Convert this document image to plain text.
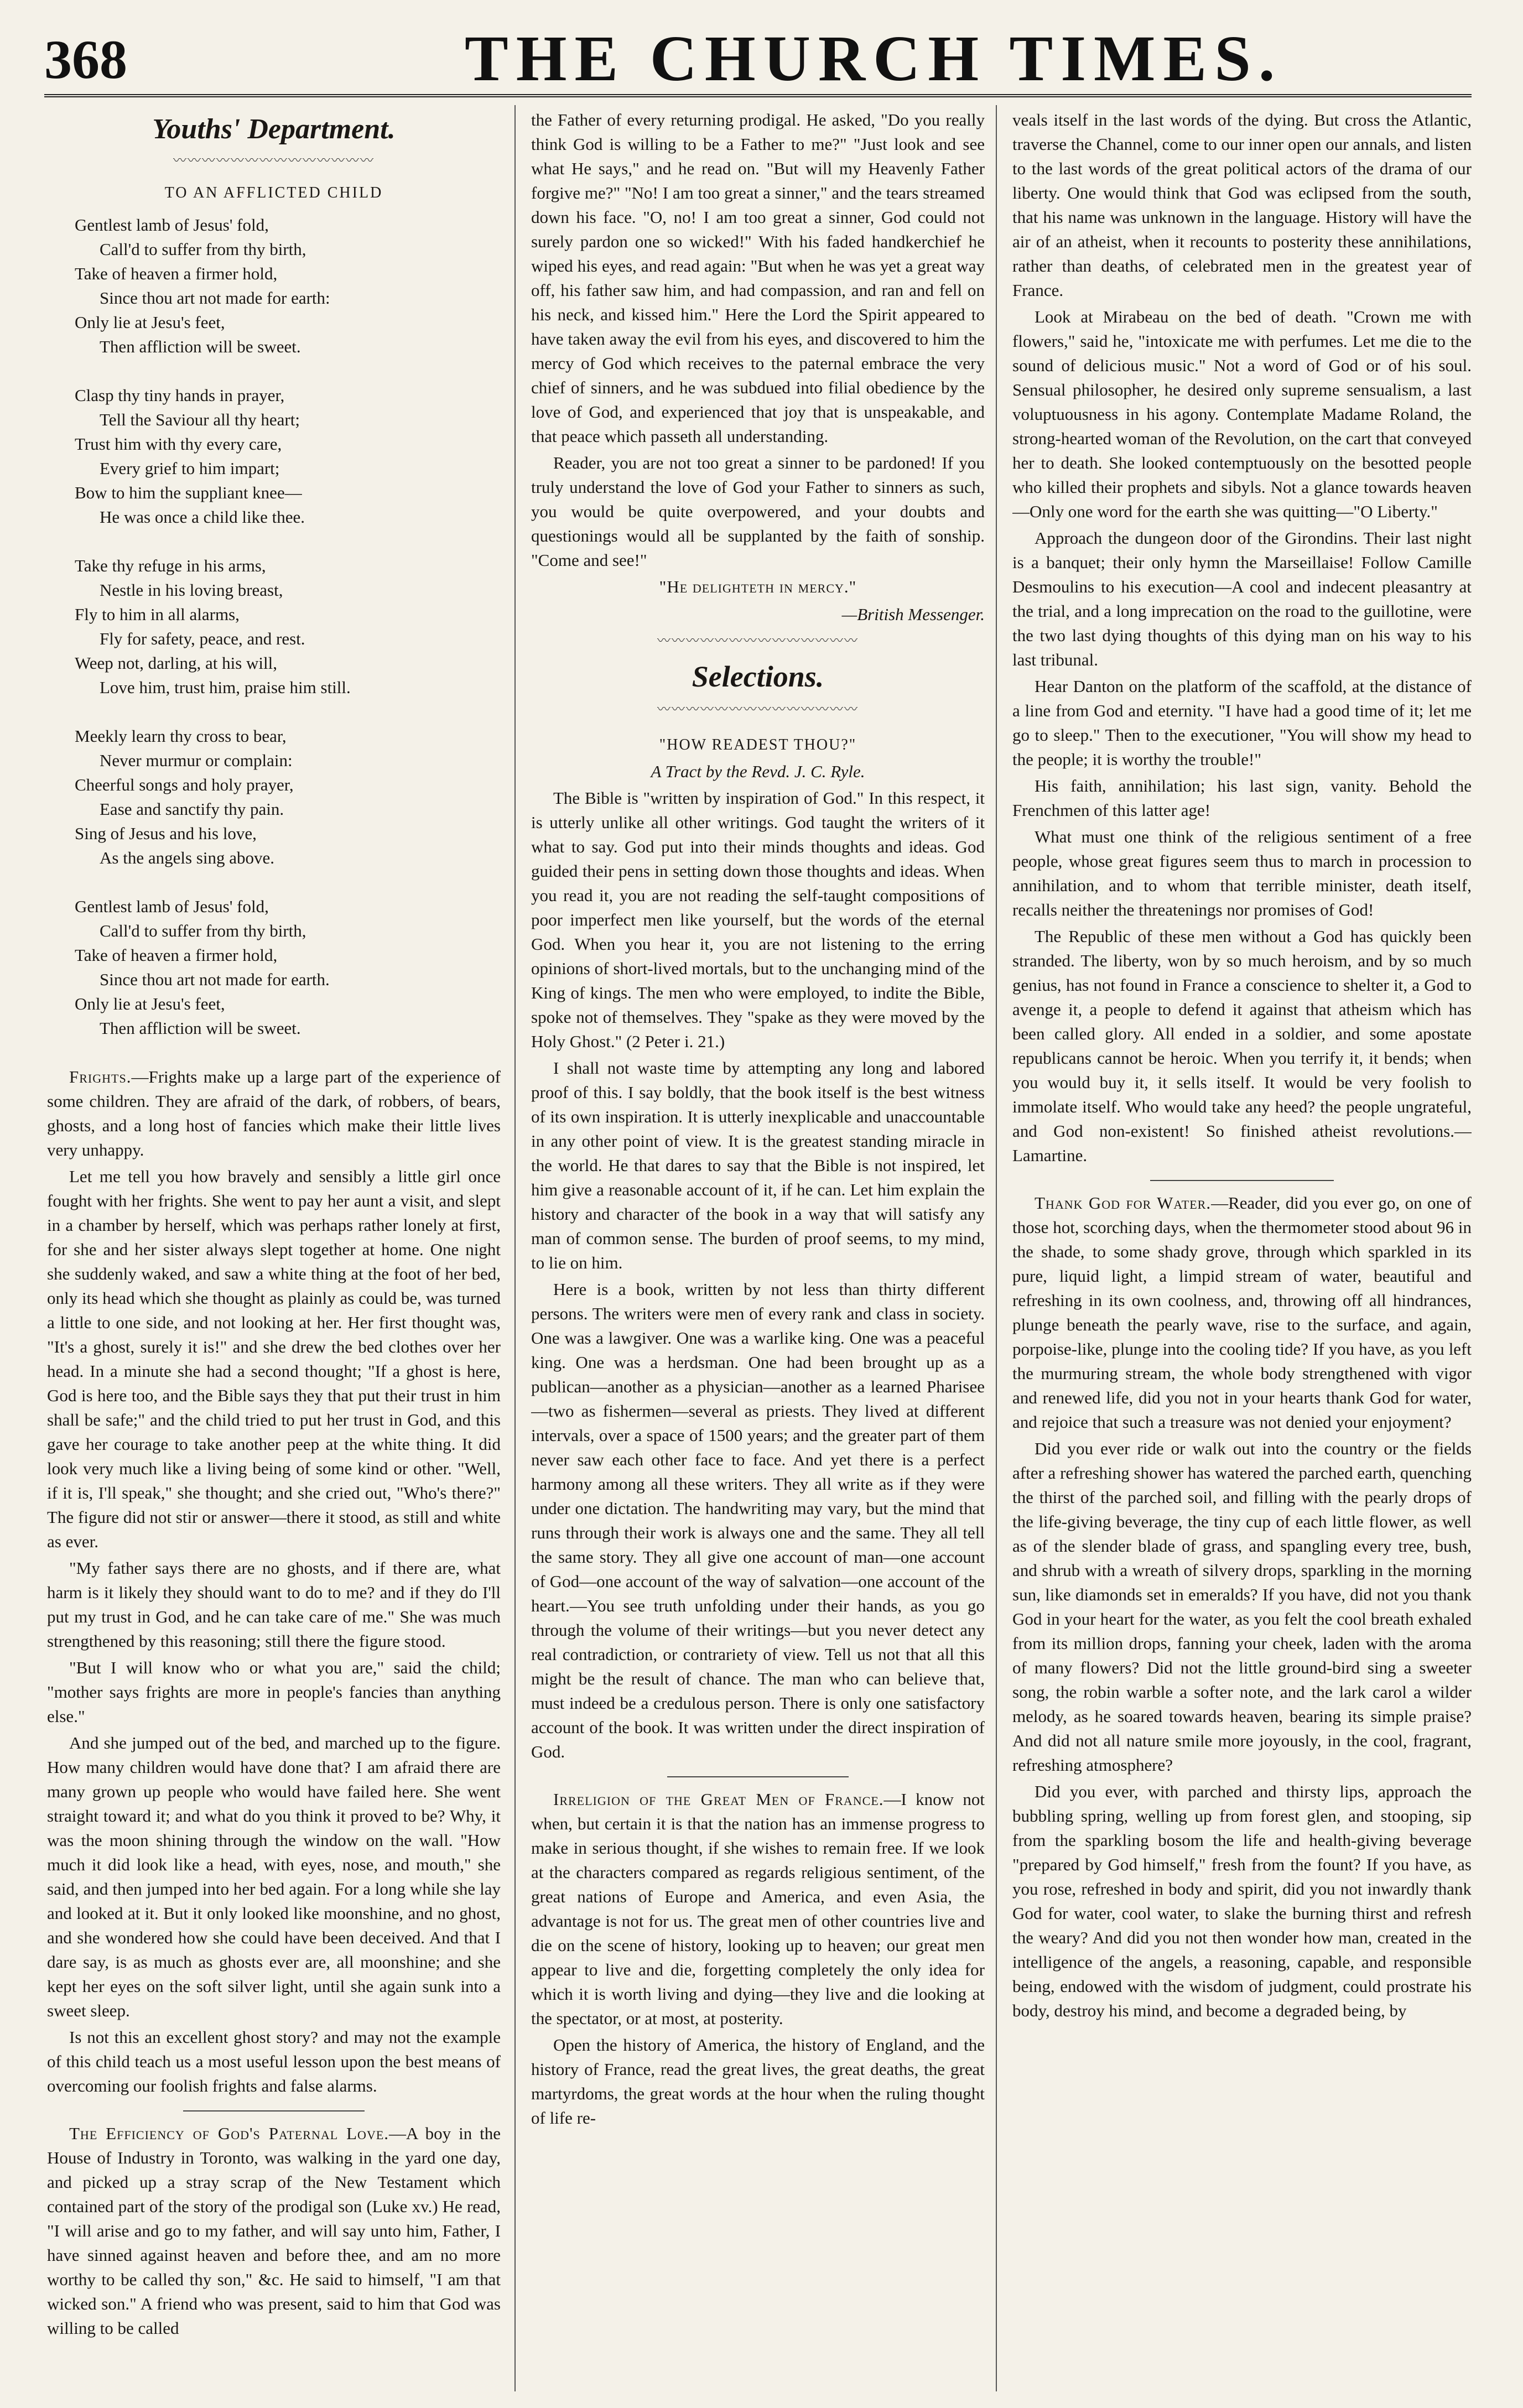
368	THE CHURCH TIMES.
Youths' Department.
〰〰〰〰〰〰〰〰〰〰〰〰〰〰
TO AN AFFLICTED CHILD
Gentlest lamb of Jesus' fold,
Call'd to suffer from thy birth,
Take of heaven a firmer hold,
Since thou art not made for earth:
Only lie at Jesu's feet,
Then affliction will be sweet.
Clasp thy tiny hands in prayer,
Tell the Saviour all thy heart;
Trust him with thy every care,
Every grief to him impart;
Bow to him the suppliant knee—
He was once a child like thee.
Take thy refuge in his arms,
Nestle in his loving breast,
Fly to him in all alarms,
Fly for safety, peace, and rest.
Weep not, darling, at his will,
Love him, trust him, praise him still.
Meekly learn thy cross to bear,
Never murmur or complain:
Cheerful songs and holy prayer,
Ease and sanctify thy pain.
Sing of Jesus and his love,
As the angels sing above.
Gentlest lamb of Jesus' fold,
Call'd to suffer from thy birth,
Take of heaven a firmer hold,
Since thou art not made for earth.
Only lie at Jesu's feet,
Then affliction will be sweet.

Frights.—Frights make up a large part of the experience of some children. They are afraid of the dark, of robbers, of bears, ghosts, and a long host of fancies which make their little lives very unhappy.

Let me tell you how bravely and sensibly a little girl once fought with her frights. She went to pay her aunt a visit, and slept in a chamber by herself, which was perhaps rather lonely at first, for she and her sister always slept together at home. One night she suddenly waked, and saw a white thing at the foot of her bed, only its head which she thought as plainly as could be, was turned a little to one side, and not looking at her. Her first thought was, "It's a ghost, surely it is!" and she drew the bed clothes over her head. In a minute she had a second thought; "If a ghost is here, God is here too, and the Bible says they that put their trust in him shall be safe;" and the child tried to put her trust in God, and this gave her courage to take another peep at the white thing. It did look very much like a living being of some kind or other. "Well, if it is, I'll speak," she thought; and she cried out, "Who's there?" The figure did not stir or answer—there it stood, as still and white as ever.

"My father says there are no ghosts, and if there are, what harm is it likely they should want to do to me? and if they do I'll put my trust in God, and he can take care of me." She was much strengthened by this reasoning; still there the figure stood.

"But I will know who or what you are," said the child; "mother says frights are more in people's fancies than anything else."

And she jumped out of the bed, and marched up to the figure. How many children would have done that? I am afraid there are many grown up people who would have failed here. She went straight toward it; and what do you think it proved to be? Why, it was the moon shining through the window on the wall. "How much it did look like a head, with eyes, nose, and mouth," she said, and then jumped into her bed again. For a long while she lay and looked at it. But it only looked like moonshine, and no ghost, and she wondered how she could have been deceived. And that I dare say, is as much as ghosts ever are, all moonshine; and she kept her eyes on the soft silver light, until she again sunk into a sweet sleep.

Is not this an excellent ghost story? and may not the example of this child teach us a most useful lesson upon the best means of overcoming our foolish frights and false alarms.

The Efficiency of God's Paternal Love.—A boy in the House of Industry in Toronto, was walking in the yard one day, and picked up a stray scrap of the New Testament which contained part of the story of the prodigal son (Luke xv.) He read, "I will arise and go to my father, and will say unto him, Father, I have sinned against heaven and before thee, and am no more worthy to be called thy son," &c. He said to himself, "I am that wicked son." A friend who was present, said to him that God was willing to be called

the Father of every returning prodigal. He asked, "Do you really think God is willing to be a Father to me?" "Just look and see what He says," and he read on. "But will my Heavenly Father forgive me?" "No! I am too great a sinner," and the tears streamed down his face. "O, no! I am too great a sinner, God could not surely pardon one so wicked!" With his faded handkerchief he wiped his eyes, and read again: "But when he was yet a great way off, his father saw him, and had compassion, and ran and fell on his neck, and kissed him." Here the Lord the Spirit appeared to have taken away the evil from his eyes, and discovered to him the mercy of God which receives to the paternal embrace the very chief of sinners, and he was subdued into filial obedience by the love of God, and experienced that joy that is unspeakable, and that peace which passeth all understanding.

Reader, you are not too great a sinner to be pardoned! If you truly understand the love of God your Father to sinners as such, you would be quite overpowered, and your doubts and questionings would all be supplanted by the faith of sonship. "Come and see!"

"He delighteth in mercy."

—British Messenger.

〰〰〰〰〰〰〰〰〰〰〰〰〰〰
Selections.
〰〰〰〰〰〰〰〰〰〰〰〰〰〰

"HOW READEST THOU?"

A Tract by the Revd. J. C. Ryle.

The Bible is "written by inspiration of God." In this respect, it is utterly unlike all other writings. God taught the writers of it what to say. God put into their minds thoughts and ideas. God guided their pens in setting down those thoughts and ideas. When you read it, you are not reading the self-taught compositions of poor imperfect men like yourself, but the words of the eternal God. When you hear it, you are not listening to the erring opinions of short-lived mortals, but to the unchanging mind of the King of kings. The men who were employed, to indite the Bible, spoke not of themselves. They "spake as they were moved by the Holy Ghost." (2 Peter i. 21.)

I shall not waste time by attempting any long and labored proof of this. I say boldly, that the book itself is the best witness of its own inspiration. It is utterly inexplicable and unaccountable in any other point of view. It is the greatest standing miracle in the world. He that dares to say that the Bible is not inspired, let him give a reasonable account of it, if he can. Let him explain the history and character of the book in a way that will satisfy any man of common sense. The burden of proof seems, to my mind, to lie on him.

Here is a book, written by not less than thirty different persons. The writers were men of every rank and class in society. One was a lawgiver. One was a warlike king. One was a peaceful king. One was a herdsman. One had been brought up as a publican—another as a physician—another as a learned Pharisee—two as fishermen—several as priests. They lived at different intervals, over a space of 1500 years; and the greater part of them never saw each other face to face. And yet there is a perfect harmony among all these writers. They all write as if they were under one dictation. The handwriting may vary, but the mind that runs through their work is always one and the same. They all tell the same story. They all give one account of man—one account of God—one account of the way of salvation—one account of the heart.—You see truth unfolding under their hands, as you go through the volume of their writings—but you never detect any real contradiction, or contrariety of view. Tell us not that all this might be the result of chance. The man who can believe that, must indeed be a credulous person. There is only one satisfactory account of the book. It was written under the direct inspiration of God.

Irreligion of the Great Men of France.—I know not when, but certain it is that the nation has an immense progress to make in serious thought, if she wishes to remain free. If we look at the characters compared as regards religious sentiment, of the great nations of Europe and America, and even Asia, the advantage is not for us. The great men of other countries live and die on the scene of history, looking up to heaven; our great men appear to live and die, forgetting completely the only idea for which it is worth living and dying—they live and die looking at the spectator, or at most, at posterity.

Open the history of America, the history of England, and the history of France, read the great lives, the great deaths, the great martyrdoms, the great words at the hour when the ruling thought of life re-

veals itself in the last words of the dying. But cross the Atlantic, traverse the Channel, come to our inner open our annals, and listen to the last words of the great political actors of the drama of our liberty. One would think that God was eclipsed from the south, that his name was unknown in the language. History will have the air of an atheist, when it recounts to posterity these annihilations, rather than deaths, of celebrated men in the greatest year of France.

Look at Mirabeau on the bed of death. "Crown me with flowers," said he, "intoxicate me with perfumes. Let me die to the sound of delicious music." Not a word of God or of his soul. Sensual philosopher, he desired only supreme sensualism, a last voluptuousness in his agony. Contemplate Madame Roland, the strong-hearted woman of the Revolution, on the cart that conveyed her to death. She looked contemptuously on the besotted people who killed their prophets and sibyls. Not a glance towards heaven—Only one word for the earth she was quitting—"O Liberty."

Approach the dungeon door of the Girondins. Their last night is a banquet; their only hymn the Marseillaise! Follow Camille Desmoulins to his execution—A cool and indecent pleasantry at the trial, and a long imprecation on the road to the guillotine, were the two last dying thoughts of this dying man on his way to his last tribunal.

Hear Danton on the platform of the scaffold, at the distance of a line from God and eternity. "I have had a good time of it; let me go to sleep." Then to the executioner, "You will show my head to the people; it is worthy the trouble!"

His faith, annihilation; his last sign, vanity. Behold the Frenchmen of this latter age!

What must one think of the religious sentiment of a free people, whose great figures seem thus to march in procession to annihilation, and to whom that terrible minister, death itself, recalls neither the threatenings nor promises of God!

The Republic of these men without a God has quickly been stranded. The liberty, won by so much heroism, and by so much genius, has not found in France a conscience to shelter it, a God to avenge it, a people to defend it against that atheism which has been called glory. All ended in a soldier, and some apostate republicans cannot be heroic. When you terrify it, it bends; when you would buy it, it sells itself. It would be very foolish to immolate itself. Who would take any heed? the people ungrateful, and God non-existent! So finished atheist revolutions.—Lamartine.

Thank God for Water.—Reader, did you ever go, on one of those hot, scorching days, when the thermometer stood about 96 in the shade, to some shady grove, through which sparkled in its pure, liquid light, a limpid stream of water, beautiful and refreshing in its own coolness, and, throwing off all hindrances, plunge beneath the pearly wave, rise to the surface, and again, porpoise-like, plunge into the cooling tide? If you have, as you left the murmuring stream, the whole body strengthened with vigor and renewed life, did you not in your hearts thank God for water, and rejoice that such a treasure was not denied your enjoyment?

Did you ever ride or walk out into the country or the fields after a refreshing shower has watered the parched earth, quenching the thirst of the parched soil, and filling with the pearly drops of the life-giving beverage, the tiny cup of each little flower, as well as of the slender blade of grass, and spangling every tree, bush, and shrub with a wreath of silvery drops, sparkling in the morning sun, like diamonds set in emeralds? If you have, did not you thank God in your heart for the water, as you felt the cool breath exhaled from its million drops, fanning your cheek, laden with the aroma of many flowers? Did not the little ground-bird sing a sweeter song, the robin warble a softer note, and the lark carol a wilder melody, as he soared towards heaven, bearing its simple praise? And did not all nature smile more joyously, in the cool, fragrant, refreshing atmosphere?

Did you ever, with parched and thirsty lips, approach the bubbling spring, welling up from forest glen, and stooping, sip from the sparkling bosom the life and health-giving beverage "prepared by God himself," fresh from the fount? If you have, as you rose, refreshed in body and spirit, did you not inwardly thank God for water, cool water, to slake the burning thirst and refresh the weary? And did you not then wonder how man, created in the intelligence of the angels, a reasoning, capable, and responsible being, endowed with the wisdom of judgment, could prostrate his body, destroy his mind, and become a degraded being, by
